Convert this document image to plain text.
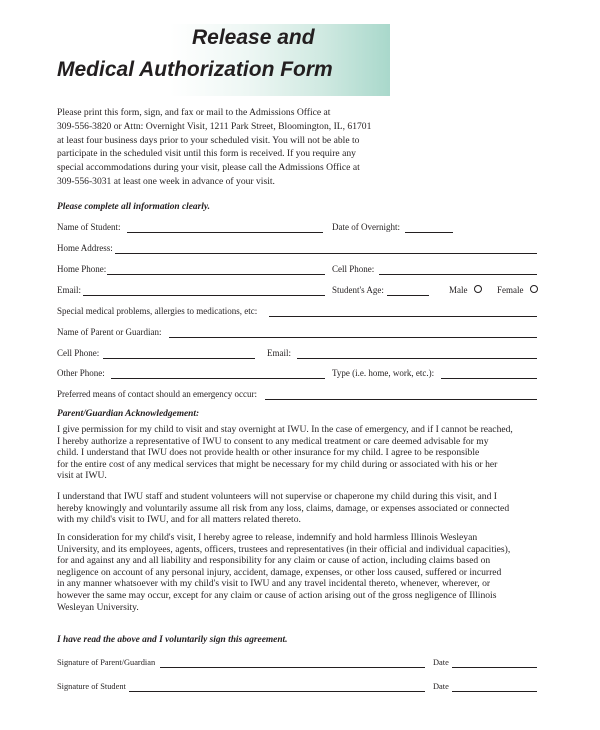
Release and
Medical Authorization Form
Please print this form, sign, and fax or mail to the Admissions Office at
309-556-3820 or Attn: Overnight Visit, 1211 Park Street, Bloomington, IL, 61701
at least four business days prior to your scheduled visit. You will not be able to
participate in the scheduled visit until this form is received. If you require any
special accommodations during your visit, please call the Admissions Office at
309-556-3031 at least one week in advance of your visit.
Please complete all information clearly.
Name of Student:	Date of Overnight:
Home Address:
Home Phone:	Cell Phone:
Email:	Student's Age:	Male	Female
Special medical problems, allergies to medications, etc:
Name of Parent or Guardian:
Cell Phone:	Email:
Other Phone:	Type (i.e. home, work, etc.):
Preferred means of contact should an emergency occur:
Parent/Guardian Acknowledgement:
I give permission for my child to visit and stay overnight at IWU. In the case of emergency, and if I cannot be reached,
I hereby authorize a representative of IWU to consent to any medical treatment or care deemed advisable for my
child. I understand that IWU does not provide health or other insurance for my child. I agree to be responsible
for the entire cost of any medical services that might be necessary for my child during or associated with his or her
visit at IWU.
I understand that IWU staff and student volunteers will not supervise or chaperone my child during this visit, and I
hereby knowingly and voluntarily assume all risk from any loss, claims, damage, or expenses associated or connected
with my child's visit to IWU, and for all matters related thereto.
In consideration for my child's visit, I hereby agree to release, indemnify and hold harmless Illinois Wesleyan
University, and its employees, agents, officers, trustees and representatives (in their official and individual capacities),
for and against any and all liability and responsibility for any claim or cause of action, including claims based on
negligence on account of any personal injury, accident, damage, expenses, or other loss caused, suffered or incurred
in any manner whatsoever with my child's visit to IWU and any travel incidental thereto, whenever, wherever, or
however the same may occur, except for any claim or cause of action arising out of the gross negligence of Illinois
Wesleyan University.
I have read the above and I voluntarily sign this agreement.
Signature of Parent/Guardian	Date
Signature of Student	Date
